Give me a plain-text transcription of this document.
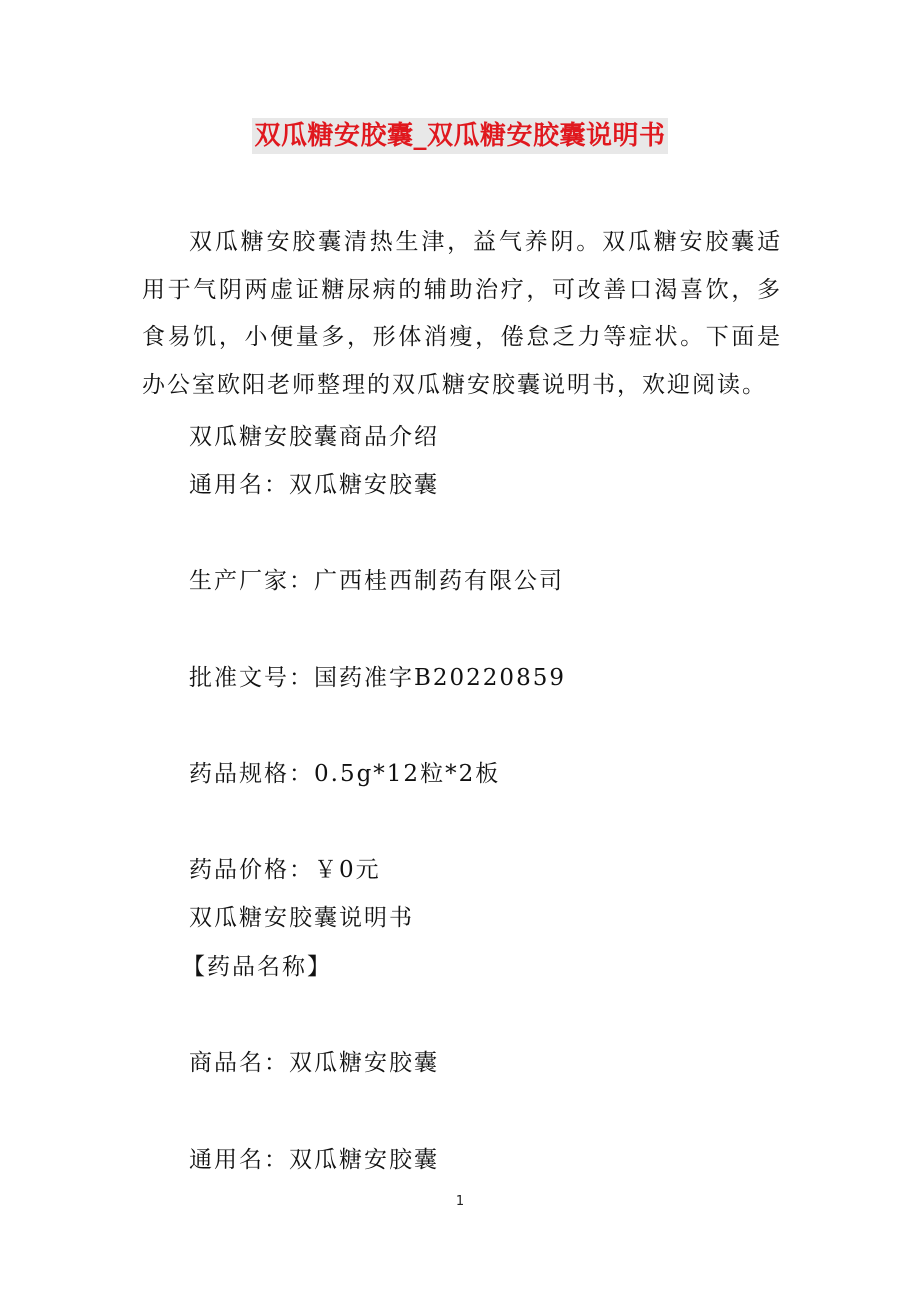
双瓜糖安胶囊_双瓜糖安胶囊说明书
双瓜糖安胶囊清热生津，益气养阴。双瓜糖安胶囊适用于气阴两虚证糖尿病的辅助治疗，可改善口渴喜饮，多食易饥，小便量多，形体消瘦，倦怠乏力等症状。下面是办公室欧阳老师整理的双瓜糖安胶囊说明书，欢迎阅读。
双瓜糖安胶囊商品介绍
通用名：双瓜糖安胶囊
生产厂家：广西桂西制药有限公司
批准文号：国药准字B20220859
药品规格：0.5g*12粒*2板
药品价格：￥0元
双瓜糖安胶囊说明书
【药品名称】
商品名：双瓜糖安胶囊
通用名：双瓜糖安胶囊
1
